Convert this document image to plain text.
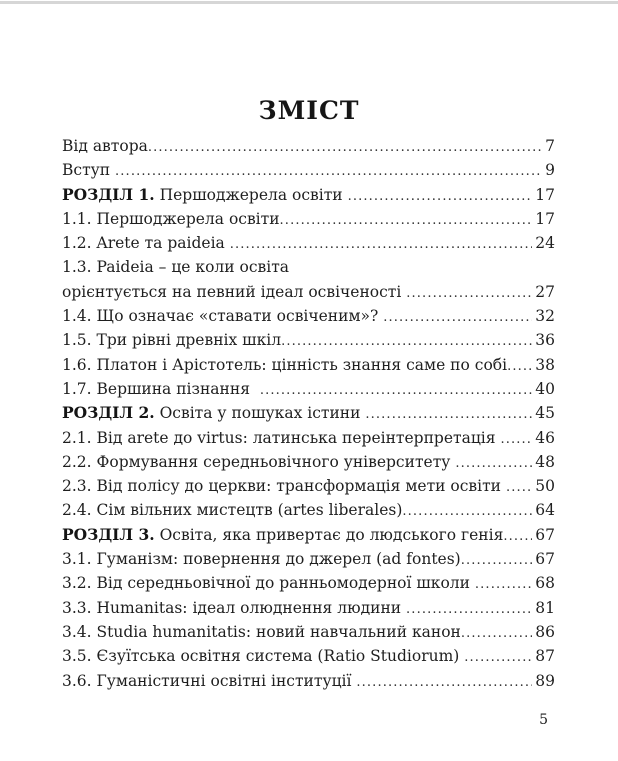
ЗМІСТ
Від автора . . .	7
Вступ . . .	9
РОЗДІЛ 1. Першоджерела освіти . . .	17
1.1. Першоджерела освіти . . .	17
1.2. Arete та paideia . . .	24
1.3. Paideia – це коли освіта
орієнтується на певний ідеал освіченості . . .	27
1.4. Що означає «ставати освіченим»? . . .	32
1.5. Три рівні древніх шкіл . . .	36
1.6. Платон і Арістотель: цінність знання саме по собі . . . 38
1.7. Вершина пізнання . . .	40
РОЗДІЛ 2. Освіта у пошуках істини . . .	45
2.1. Від arete до virtus: латинська переінтерпретація . . . 46
2.2. Формування середньовічного університету . . .	48
2.3. Від полісу до церкви: трансформація мети освіти . . . 50
2.4. Сім вільних мистецтв (artes liberales) . . .	64
РОЗДІЛ 3. Освіта, яка привертає до людського генія . . . 67
3.1. Гуманізм: повернення до джерел (ad fontes) . . .	67
3.2. Від середньовічної до ранньомодерної школи . . .	68
3.3. Humanitas: ідеал олюднення людини . . .	81
3.4. Studia humanitatis: новий навчальний канон . . .	86
3.5. Єзуїтська освітня система (Ratio Studiorum) . . .	87
3.6. Гуманістичні освітні інституції . . .	89
5
